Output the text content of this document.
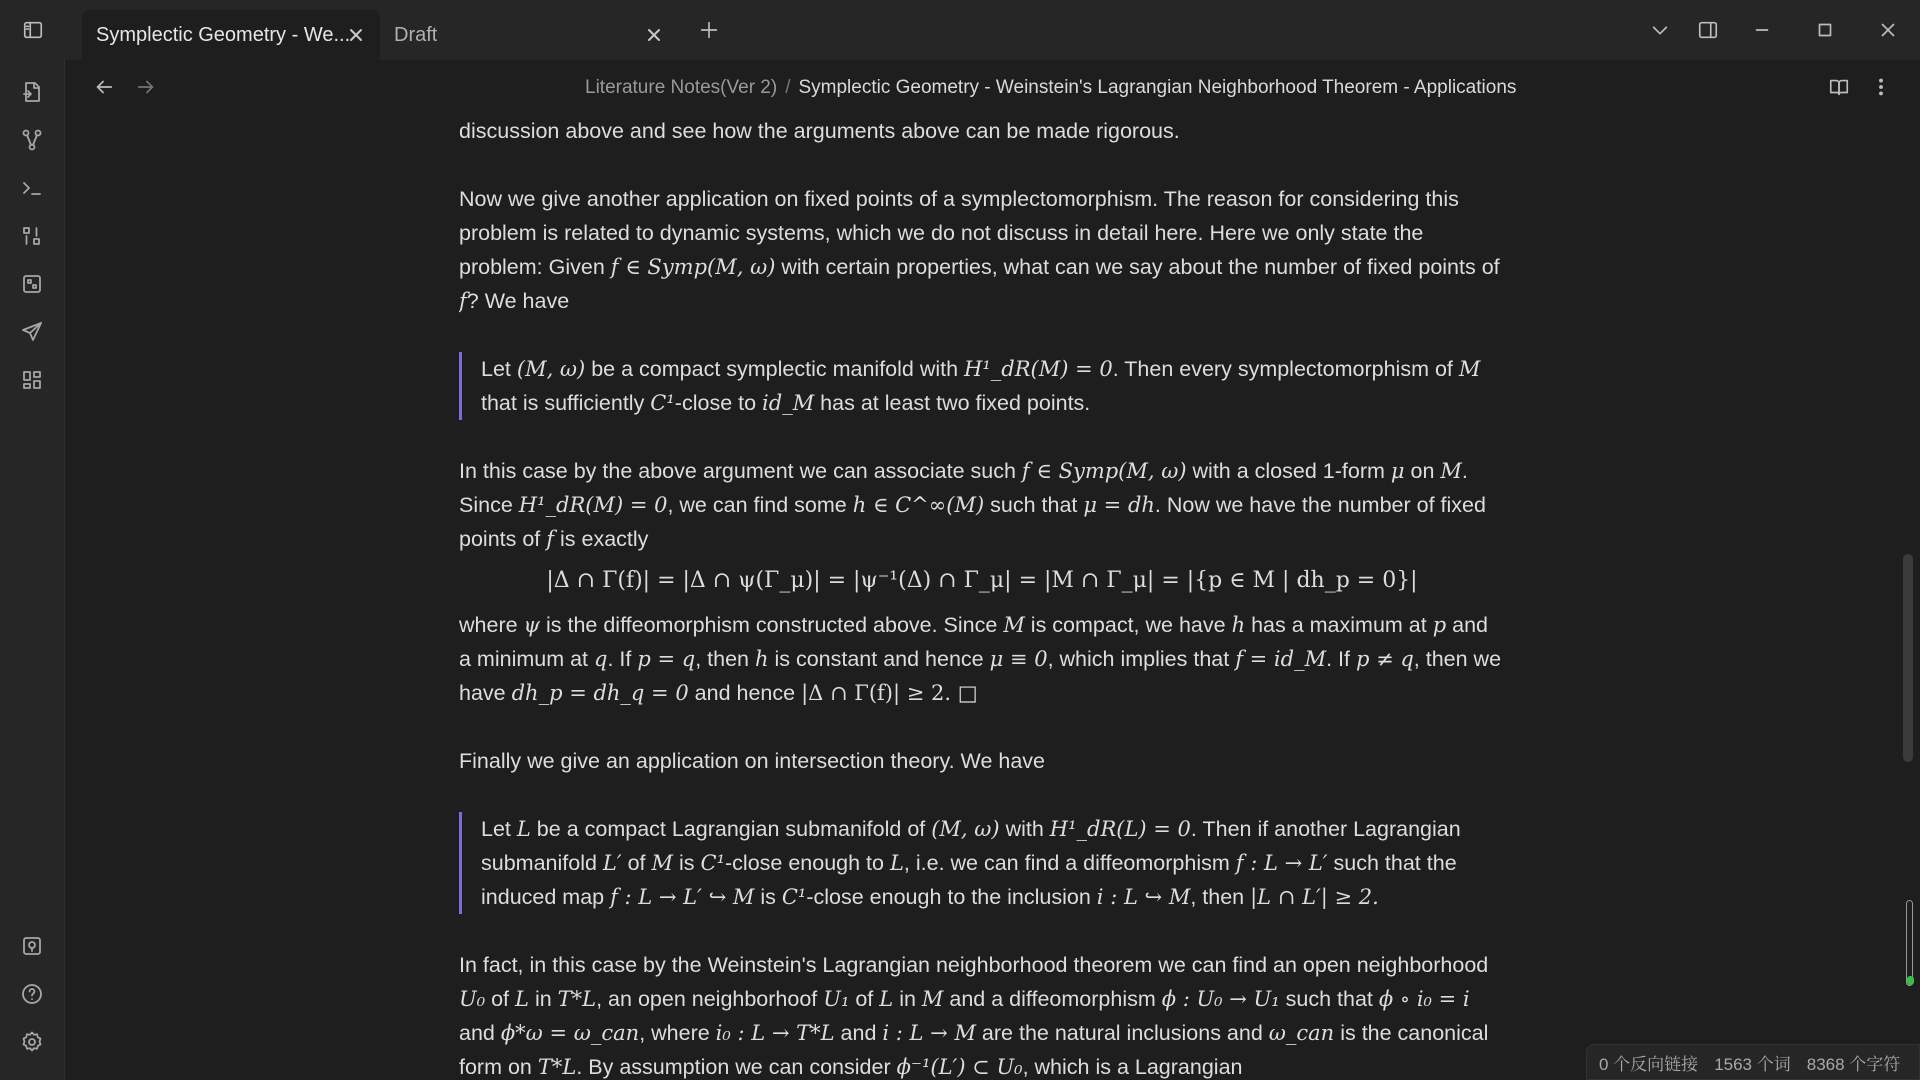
Symplectic Geometry - We... Draft
Literature Notes(Ver 2) / Symplectic Geometry - Weinstein's Lagrangian Neighborhood Theorem - Applications

discussion above and see how the arguments above can be made rigorous.

Now we give another application on fixed points of a symplectomorphism. The reason for considering this problem is related to dynamic systems, which we do not discuss in detail here. Here we only state the problem: Given f ∈ Symp(M, ω) with certain properties, what can we say about the number of fixed points of f? We have

Let (M, ω) be a compact symplectic manifold with H¹_dR(M) = 0. Then every symplectomorphism of M that is sufficiently C¹-close to id_M has at least two fixed points.

In this case by the above argument we can associate such f ∈ Symp(M, ω) with a closed 1-form μ on M. Since H¹_dR(M) = 0, we can find some h ∈ C^∞(M) such that μ = dh. Now we have the number of fixed points of f is exactly

|Δ ∩ Γ(f)| = |Δ ∩ ψ(Γ_μ)| = |ψ⁻¹(Δ) ∩ Γ_μ| = |M ∩ Γ_μ| = |{p ∈ M | dh_p = 0}|

where ψ is the diffeomorphism constructed above. Since M is compact, we have h has a maximum at p and a minimum at q. If p = q, then h is constant and hence μ ≡ 0, which implies that f = id_M. If p ≠ q, then we have dh_p = dh_q = 0 and hence |Δ ∩ Γ(f)| ≥ 2. □

Finally we give an application on intersection theory. We have

Let L be a compact Lagrangian submanifold of (M, ω) with H¹_dR(L) = 0. Then if another Lagrangian submanifold L′ of M is C¹-close enough to L, i.e. we can find a diffeomorphism f : L → L′ such that the induced map f : L → L′ ↪ M is C¹-close enough to the inclusion i : L ↪ M, then |L ∩ L′| ≥ 2.

In fact, in this case by the Weinstein's Lagrangian neighborhood theorem we can find an open neighborhood U₀ of L in T*L, an open neighborhoof U₁ of L in M and a diffeomorphism ϕ : U₀ → U₁ such that ϕ ∘ i₀ = i and ϕ*ω = ω_can, where i₀ : L → T*L and i : L → M are the natural inclusions and ω_can is the canonical form on T*L. By assumption we can consider ϕ⁻¹(L′) ⊂ U₀, which is a Lagrangian	0 个反向链接 1563 个词 8368 个字符
